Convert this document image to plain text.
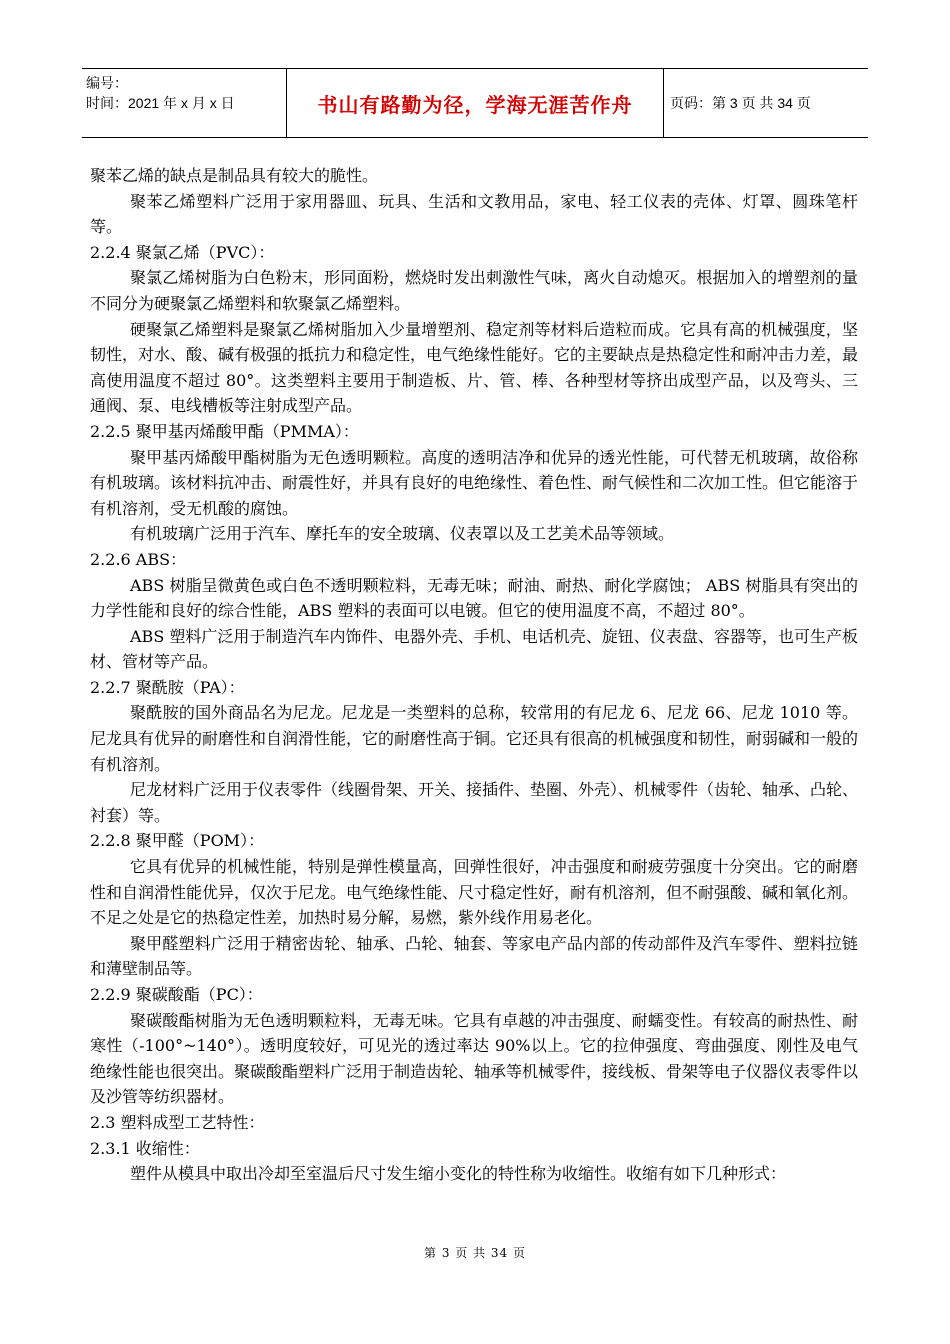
编号：
时间：2021 年 x 月 x 日	书山有路勤为径，学海无涯苦作舟	页码：第 3 页 共 34 页

聚苯乙烯的缺点是制品具有较大的脆性。

聚苯乙烯塑料广泛用于家用器皿、玩具、生活和文教用品，家电、轻工仪表的壳体、灯罩、圆珠笔杆等。

2.2.4 聚氯乙烯（PVC）：

聚氯乙烯树脂为白色粉末，形同面粉，燃烧时发出刺激性气味，离火自动熄灭。根据加入的增塑剂的量不同分为硬聚氯乙烯塑料和软聚氯乙烯塑料。

硬聚氯乙烯塑料是聚氯乙烯树脂加入少量增塑剂、稳定剂等材料后造粒而成。它具有高的机械强度，坚韧性，对水、酸、碱有极强的抵抗力和稳定性，电气绝缘性能好。它的主要缺点是热稳定性和耐冲击力差，最高使用温度不超过 80°。这类塑料主要用于制造板、片、管、棒、各种型材等挤出成型产品，以及弯头、三通阀、泵、电线槽板等注射成型产品。

2.2.5 聚甲基丙烯酸甲酯（PMMA）：

聚甲基丙烯酸甲酯树脂为无色透明颗粒。高度的透明洁净和优异的透光性能，可代替无机玻璃，故俗称有机玻璃。该材料抗冲击、耐震性好，并具有良好的电绝缘性、着色性、耐气候性和二次加工性。但它能溶于有机溶剂，受无机酸的腐蚀。

有机玻璃广泛用于汽车、摩托车的安全玻璃、仪表罩以及工艺美术品等领域。

2.2.6 ABS：

ABS 树脂呈微黄色或白色不透明颗粒料，无毒无味；耐油、耐热、耐化学腐蚀； ABS 树脂具有突出的力学性能和良好的综合性能，ABS 塑料的表面可以电镀。但它的使用温度不高，不超过 80°。

ABS 塑料广泛用于制造汽车内饰件、电器外壳、手机、电话机壳、旋钮、仪表盘、容器等，也可生产板材、管材等产品。

2.2.7 聚酰胺（PA）：

聚酰胺的国外商品名为尼龙。尼龙是一类塑料的总称，较常用的有尼龙 6、尼龙 66、尼龙 1010 等。尼龙具有优异的耐磨性和自润滑性能，它的耐磨性高于铜。它还具有很高的机械强度和韧性，耐弱碱和一般的有机溶剂。

尼龙材料广泛用于仪表零件（线圈骨架、开关、接插件、垫圈、外壳）、机械零件（齿轮、轴承、凸轮、衬套）等。

2.2.8 聚甲醛（POM）：

它具有优异的机械性能，特别是弹性模量高，回弹性很好，冲击强度和耐疲劳强度十分突出。它的耐磨性和自润滑性能优异，仅次于尼龙。电气绝缘性能、尺寸稳定性好，耐有机溶剂，但不耐强酸、碱和氧化剂。不足之处是它的热稳定性差，加热时易分解，易燃，紫外线作用易老化。

聚甲醛塑料广泛用于精密齿轮、轴承、凸轮、轴套、等家电产品内部的传动部件及汽车零件、塑料拉链和薄壁制品等。

2.2.9 聚碳酸酯（PC）：

聚碳酸酯树脂为无色透明颗粒料，无毒无味。它具有卓越的冲击强度、耐蠕变性。有较高的耐热性、耐寒性（-100°~140°）。透明度较好，可见光的透过率达 90%以上。它的拉伸强度、弯曲强度、刚性及电气绝缘性能也很突出。聚碳酸酯塑料广泛用于制造齿轮、轴承等机械零件，接线板、骨架等电子仪器仪表零件以及沙管等纺织器材。

2.3 塑料成型工艺特性：

2.3.1 收缩性：

塑件从模具中取出冷却至室温后尺寸发生缩小变化的特性称为收缩性。收缩有如下几种形式：

第 3 页 共 34 页
